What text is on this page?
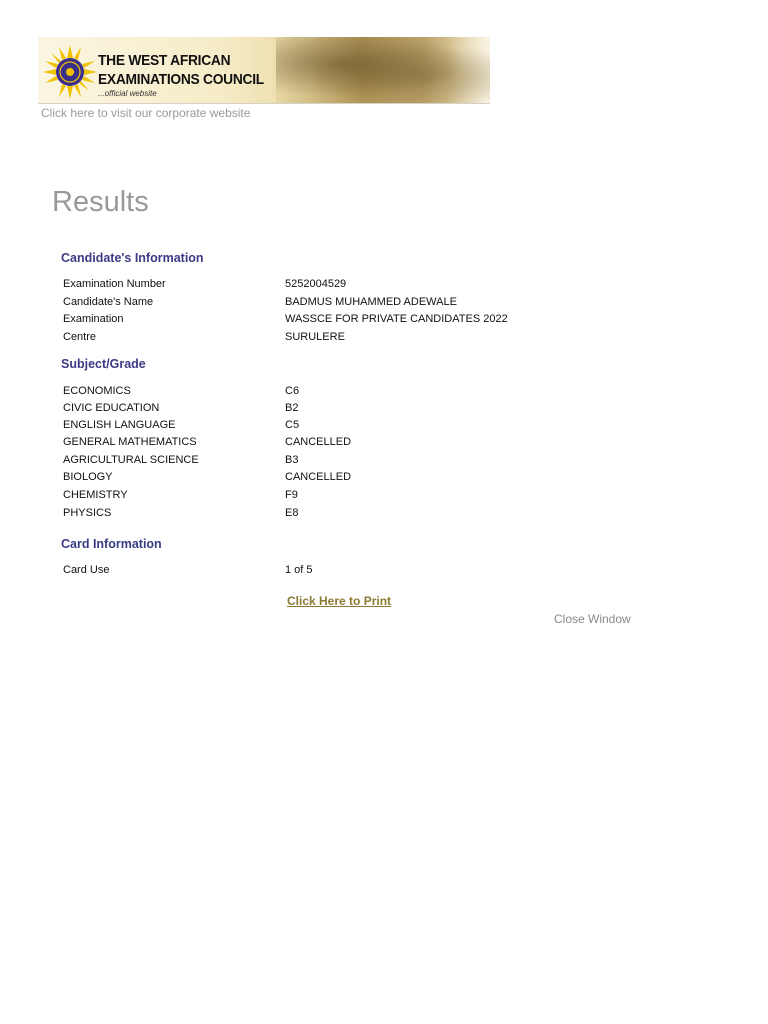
THE WEST AFRICAN
EXAMINATIONS COUNCIL
...official website
Click here to visit our corporate website
Results
Candidate's Information
Examination Number	5252004529
Candidate's Name	BADMUS MUHAMMED ADEWALE
Examination	WASSCE FOR PRIVATE CANDIDATES 2022
Centre	SURULERE
Subject/Grade
ECONOMICS	C6
CIVIC EDUCATION	B2
ENGLISH LANGUAGE	C5
GENERAL MATHEMATICS	CANCELLED
AGRICULTURAL SCIENCE	B3
BIOLOGY	CANCELLED
CHEMISTRY	F9
PHYSICS	E8
Card Information
Card Use	1 of 5
Click Here to Print
Close Window
